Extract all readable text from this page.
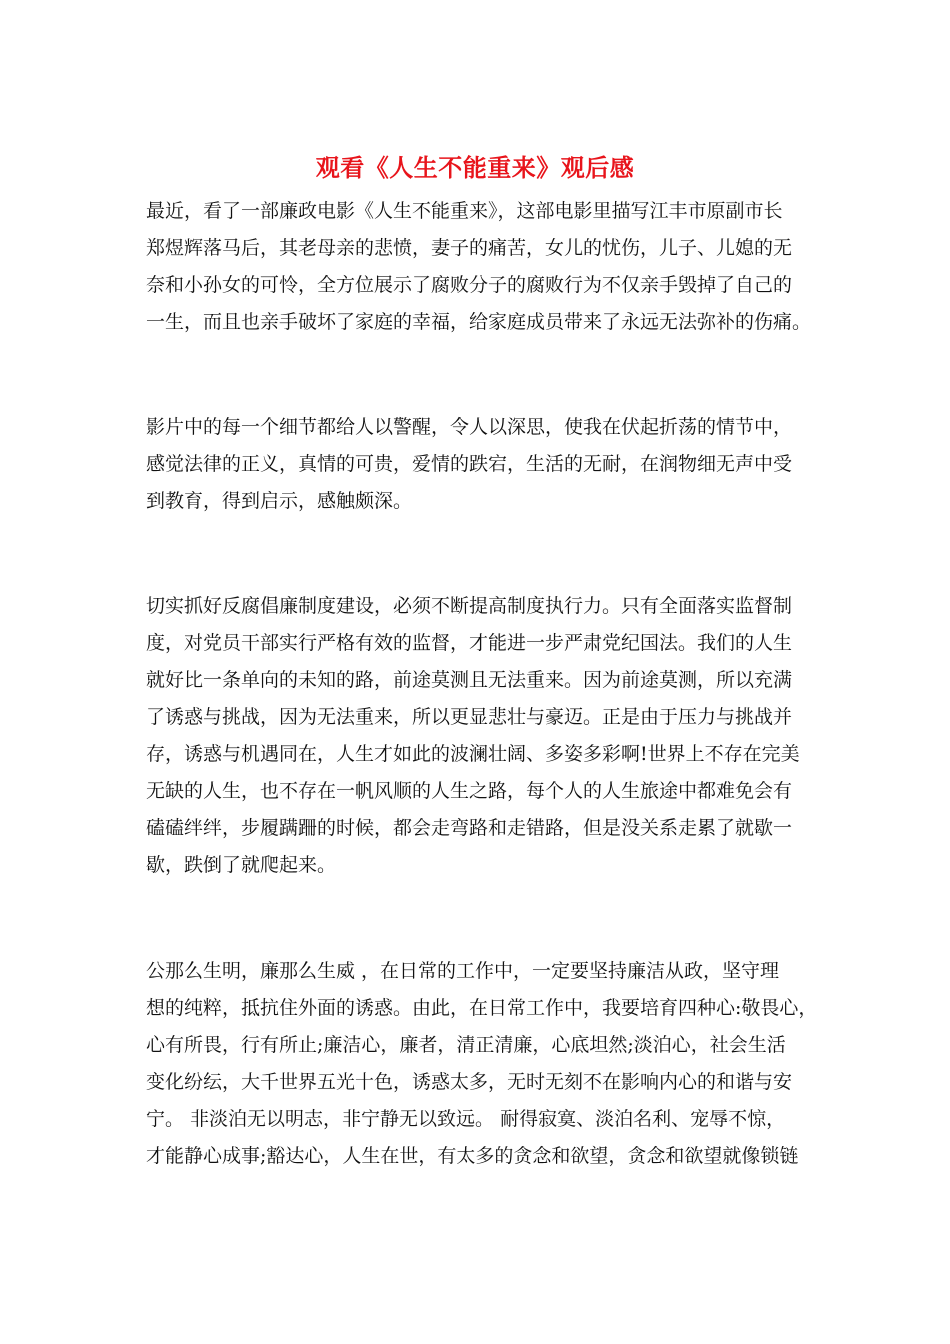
观看《人生不能重来》观后感
最近，看了一部廉政电影《人生不能重来》，这部电影里描写江丰市原副市长
郑煜辉落马后，其老母亲的悲愤，妻子的痛苦，女儿的忧伤，儿子、儿媳的无
奈和小孙女的可怜，全方位展示了腐败分子的腐败行为不仅亲手毁掉了自己的
一生，而且也亲手破坏了家庭的幸福，给家庭成员带来了永远无法弥补的伤痛。
影片中的每一个细节都给人以警醒，令人以深思，使我在伏起折荡的情节中，
感觉法律的正义，真情的可贵，爱情的跌宕，生活的无耐，在润物细无声中受
到教育，得到启示，感触颇深。
切实抓好反腐倡廉制度建设，必须不断提高制度执行力。只有全面落实监督制
度，对党员干部实行严格有效的监督，才能进一步严肃党纪国法。我们的人生
就好比一条单向的未知的路，前途莫测且无法重来。因为前途莫测，所以充满
了诱惑与挑战，因为无法重来，所以更显悲壮与豪迈。正是由于压力与挑战并
存，诱惑与机遇同在，人生才如此的波澜壮阔、多姿多彩啊!世界上不存在完美
无缺的人生，也不存在一帆风顺的人生之路，每个人的人生旅途中都难免会有
磕磕绊绊，步履蹒跚的时候，都会走弯路和走错路，但是没关系走累了就歇一
歇，跌倒了就爬起来。
公那么生明，廉那么生威 ，在日常的工作中，一定要坚持廉洁从政，坚守理
想的纯粹，抵抗住外面的诱惑。由此，在日常工作中，我要培育四种心:敬畏心，
心有所畏，行有所止;廉洁心，廉者，清正清廉，心底坦然;淡泊心，社会生活
变化纷纭，大千世界五光十色，诱惑太多，无时无刻不在影响内心的和谐与安
宁。 非淡泊无以明志，非宁静无以致远。 耐得寂寞、淡泊名利、宠辱不惊，
才能静心成事;豁达心，人生在世，有太多的贪念和欲望，贪念和欲望就像锁链
